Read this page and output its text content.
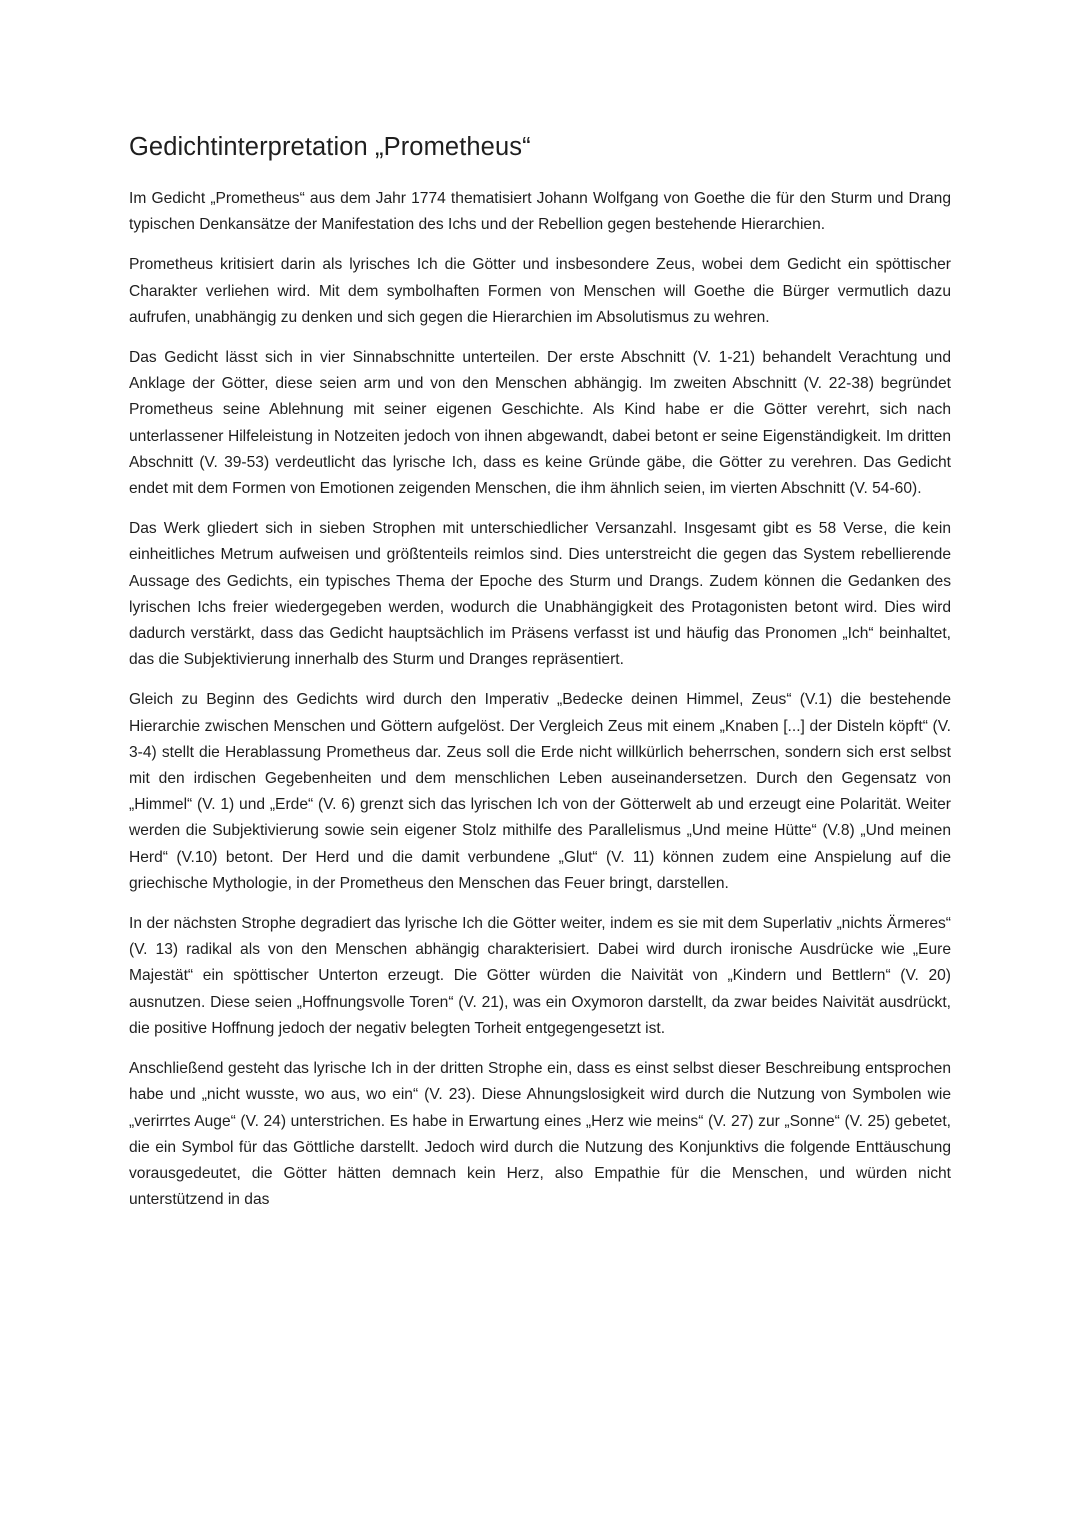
Gedichtinterpretation „Prometheus“

Im Gedicht „Prometheus“ aus dem Jahr 1774 thematisiert Johann Wolfgang von Goethe die für den Sturm und Drang typischen Denkansätze der Manifestation des Ichs und der Rebellion gegen bestehende Hierarchien.

Prometheus kritisiert darin als lyrisches Ich die Götter und insbesondere Zeus, wobei dem Gedicht ein spöttischer Charakter verliehen wird. Mit dem symbolhaften Formen von Menschen will Goethe die Bürger vermutlich dazu aufrufen, unabhängig zu denken und sich gegen die Hierarchien im Absolutismus zu wehren.

Das Gedicht lässt sich in vier Sinnabschnitte unterteilen. Der erste Abschnitt (V. 1-21) behandelt Verachtung und Anklage der Götter, diese seien arm und von den Menschen abhängig. Im zweiten Abschnitt (V. 22-38) begründet Prometheus seine Ablehnung mit seiner eigenen Geschichte. Als Kind habe er die Götter verehrt, sich nach unterlassener Hilfeleistung in Notzeiten jedoch von ihnen abgewandt, dabei betont er seine Eigenständigkeit. Im dritten Abschnitt (V. 39-53) verdeutlicht das lyrische Ich, dass es keine Gründe gäbe, die Götter zu verehren. Das Gedicht endet mit dem Formen von Emotionen zeigenden Menschen, die ihm ähnlich seien, im vierten Abschnitt (V. 54-60).

Das Werk gliedert sich in sieben Strophen mit unterschiedlicher Versanzahl. Insgesamt gibt es 58 Verse, die kein einheitliches Metrum aufweisen und größtenteils reimlos sind. Dies unterstreicht die gegen das System rebellierende Aussage des Gedichts, ein typisches Thema der Epoche des Sturm und Drangs. Zudem können die Gedanken des lyrischen Ichs freier wiedergegeben werden, wodurch die Unabhängigkeit des Protagonisten betont wird. Dies wird dadurch verstärkt, dass das Gedicht hauptsächlich im Präsens verfasst ist und häufig das Pronomen „Ich“ beinhaltet, das die Subjektivierung innerhalb des Sturm und Dranges repräsentiert.

Gleich zu Beginn des Gedichts wird durch den Imperativ „Bedecke deinen Himmel, Zeus“ (V.1) die bestehende Hierarchie zwischen Menschen und Göttern aufgelöst. Der Vergleich Zeus mit einem „Knaben [...] der Disteln köpft“ (V. 3-4) stellt die Herablassung Prometheus dar. Zeus soll die Erde nicht willkürlich beherrschen, sondern sich erst selbst mit den irdischen Gegebenheiten und dem menschlichen Leben auseinandersetzen. Durch den Gegensatz von „Himmel“ (V. 1) und „Erde“ (V. 6) grenzt sich das lyrischen Ich von der Götterwelt ab und erzeugt eine Polarität. Weiter werden die Subjektivierung sowie sein eigener Stolz mithilfe des Parallelismus „Und meine Hütte“ (V.8) „Und meinen Herd“ (V.10) betont. Der Herd und die damit verbundene „Glut“ (V. 11) können zudem eine Anspielung auf die griechische Mythologie, in der Prometheus den Menschen das Feuer bringt, darstellen.

In der nächsten Strophe degradiert das lyrische Ich die Götter weiter, indem es sie mit dem Superlativ „nichts Ärmeres“ (V. 13) radikal als von den Menschen abhängig charakterisiert. Dabei wird durch ironische Ausdrücke wie „Eure Majestät“ ein spöttischer Unterton erzeugt. Die Götter würden die Naivität von „Kindern und Bettlern“ (V. 20) ausnutzen. Diese seien „Hoffnungsvolle Toren“ (V. 21), was ein Oxymoron darstellt, da zwar beides Naivität ausdrückt, die positive Hoffnung jedoch der negativ belegten Torheit entgegengesetzt ist.

Anschließend gesteht das lyrische Ich in der dritten Strophe ein, dass es einst selbst dieser Beschreibung entsprochen habe und „nicht wusste, wo aus, wo ein“ (V. 23). Diese Ahnungslosigkeit wird durch die Nutzung von Symbolen wie „verirrtes Auge“ (V. 24) unterstrichen. Es habe in Erwartung eines „Herz wie meins“ (V. 27) zur „Sonne“ (V. 25) gebetet, die ein Symbol für das Göttliche darstellt. Jedoch wird durch die Nutzung des Konjunktivs die folgende Enttäuschung vorausgedeutet, die Götter hätten demnach kein Herz, also Empathie für die Menschen, und würden nicht unterstützend in das
